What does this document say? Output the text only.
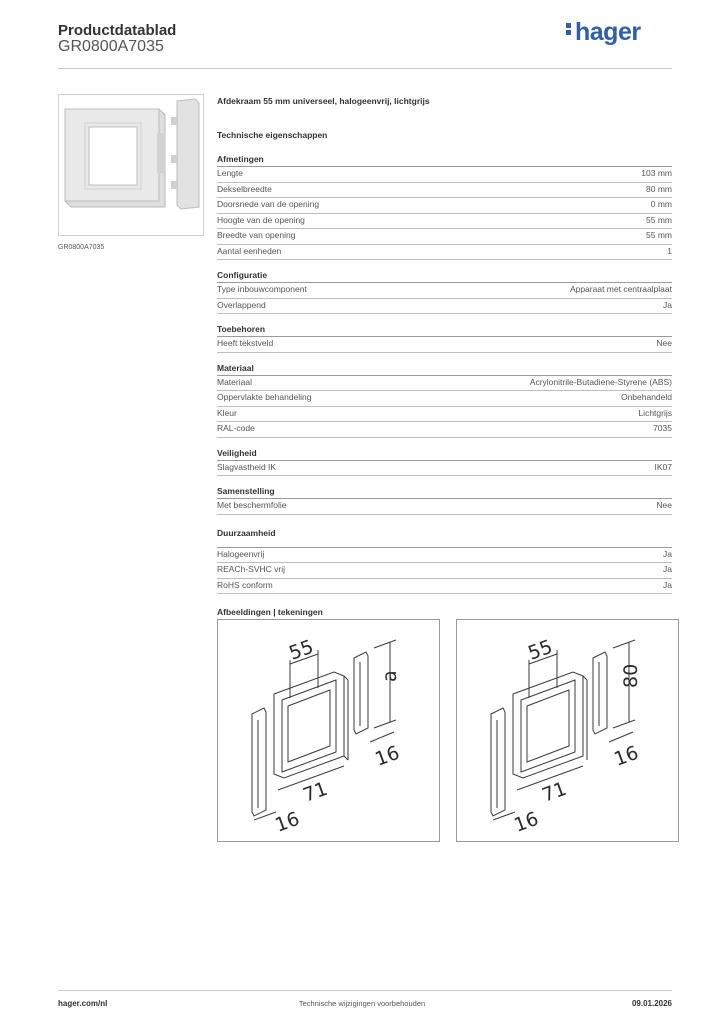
Productdatablad
GR0800A7035
hager
GR0800A7035
Afdekraam 55 mm universeel, halogeenvrij, lichtgrijs
Technische eigenschappen
Afmetingen
Lengte	103 mm
Dekselbreedte	80 mm
Doorsnede van de opening	0 mm
Hoogte van de opening	55 mm
Breedte van opening	55 mm
Aantal eenheden	1
Configuratie
Type inbouwcomponent	Apparaat met centraalplaat
Overlappend	Ja
Toebehoren
Heeft tekstveld	Nee
Materiaal
Materiaal	Acrylonitrile-Butadiene-Styrene (ABS)
Oppervlakte behandeling	Onbehandeld
Kleur	Lichtgrijs
RAL-code	7035
Veiligheid
Slagvastheid IK	IK07
Samenstelling
Met beschermfolie	Nee
Duurzaamheid
Halogeenvrij	Ja
REACh-SVHC vrij	Ja
RoHS conform	Ja
Afbeeldingen | tekeningen
55
a
16
71
16
55
80
16
71
16
Technische wijzigingen voorbehouden
hager.com/nl	09.01.2026
